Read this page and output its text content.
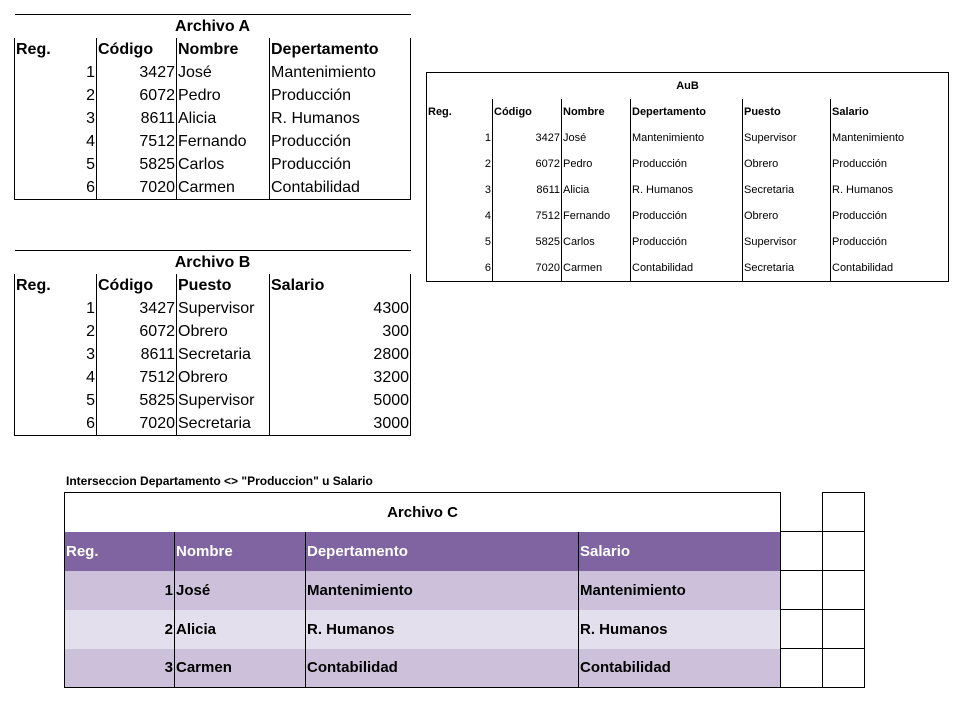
Archivo A			
Reg.	Código	Nombre	Depertamento
1	3427	José	Mantenimiento
2	6072	Pedro	Producción
3	8611	Alicia	R. Humanos
4	7512	Fernando	Producción
5	5825	Carlos	Producción
6	7020	Carmen	Contabilidad
Archivo B			
Reg.	Código	Puesto	Salario
1	3427	Supervisor	4300
2	6072	Obrero	300
3	8611	Secretaria	2800
4	7512	Obrero	3200
5	5825	Supervisor	5000
6	7020	Secretaria	3000
AuB					
Reg.	Código	Nombre	Depertamento	Puesto	Salario
1	3427	José	Mantenimiento	Supervisor	Mantenimiento
2	6072	Pedro	Producción	Obrero	Producción
3	8611	Alicia	R. Humanos	Secretaria	R. Humanos
4	7512	Fernando	Producción	Obrero	Producción
5	5825	Carlos	Producción	Supervisor	Producción
6	7020	Carmen	Contabilidad	Secretaria	Contabilidad
Interseccion Departamento <> "Produccion" u Salario
Archivo C					
Reg.	Nombre	Depertamento	Salario		
1	José	Mantenimiento	Mantenimiento		
2	Alicia	R. Humanos	R. Humanos		
3	Carmen	Contabilidad	Contabilidad		
